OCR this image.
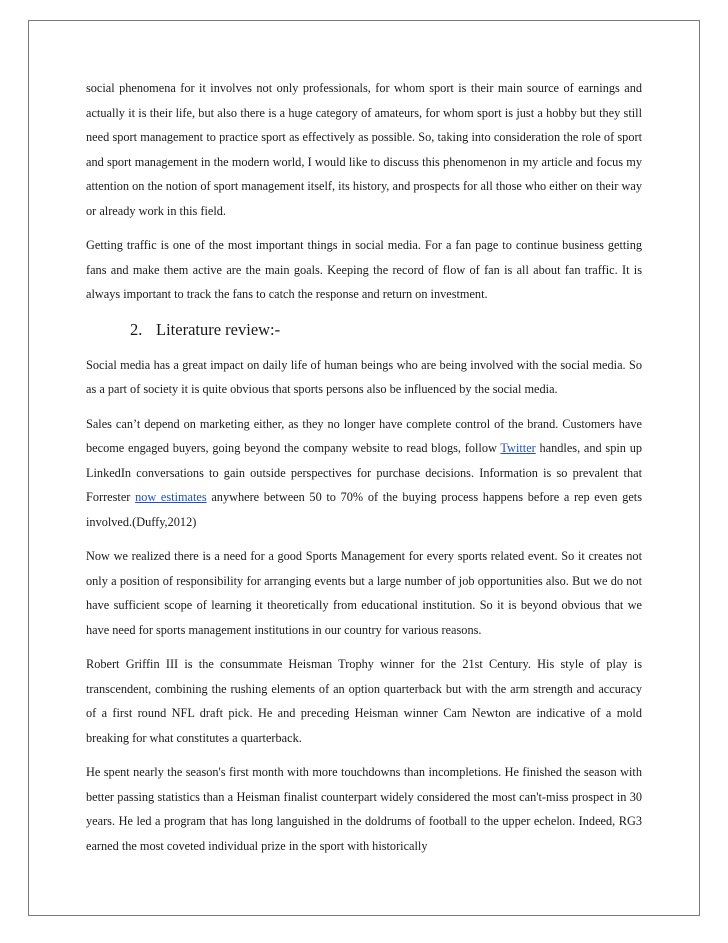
social phenomena for it involves not only professionals, for whom sport is their main source of earnings and actually it is their life, but also there is a huge category of amateurs, for whom sport is just a hobby but they still need sport management to practice sport as effectively as possible. So, taking into consideration the role of sport and sport management in the modern world, I would like to discuss this phenomenon in my article and focus my attention on the notion of sport management itself, its history, and prospects for all those who either on their way or already work in this field.

Getting traffic is one of the most important things in social media. For a fan page to continue business getting fans and make them active are the main goals. Keeping the record of flow of fan is all about fan traffic. It is always important to track the fans to catch the response and return on investment.

2. Literature review:-

Social media has a great impact on daily life of human beings who are being involved with the social media. So as a part of society it is quite obvious that sports persons also be influenced by the social media.

Sales can’t depend on marketing either, as they no longer have complete control of the brand. Customers have become engaged buyers, going beyond the company website to read blogs, follow Twitter handles, and spin up LinkedIn conversations to gain outside perspectives for purchase decisions. Information is so prevalent that Forrester now estimates anywhere between 50 to 70% of the buying process happens before a rep even gets involved.(Duffy,2012)

Now we realized there is a need for a good Sports Management for every sports related event. So it creates not only a position of responsibility for arranging events but a large number of job opportunities also. But we do not have sufficient scope of learning it theoretically from educational institution. So it is beyond obvious that we have need for sports management institutions in our country for various reasons.

Robert Griffin III is the consummate Heisman Trophy winner for the 21st Century. His style of play is transcendent, combining the rushing elements of an option quarterback but with the arm strength and accuracy of a first round NFL draft pick. He and preceding Heisman winner Cam Newton are indicative of a mold breaking for what constitutes a quarterback.

He spent nearly the season's first month with more touchdowns than incompletions. He finished the season with better passing statistics than a Heisman finalist counterpart widely considered the most can't-miss prospect in 30 years. He led a program that has long languished in the doldrums of football to the upper echelon. Indeed, RG3 earned the most coveted individual prize in the sport with historically
